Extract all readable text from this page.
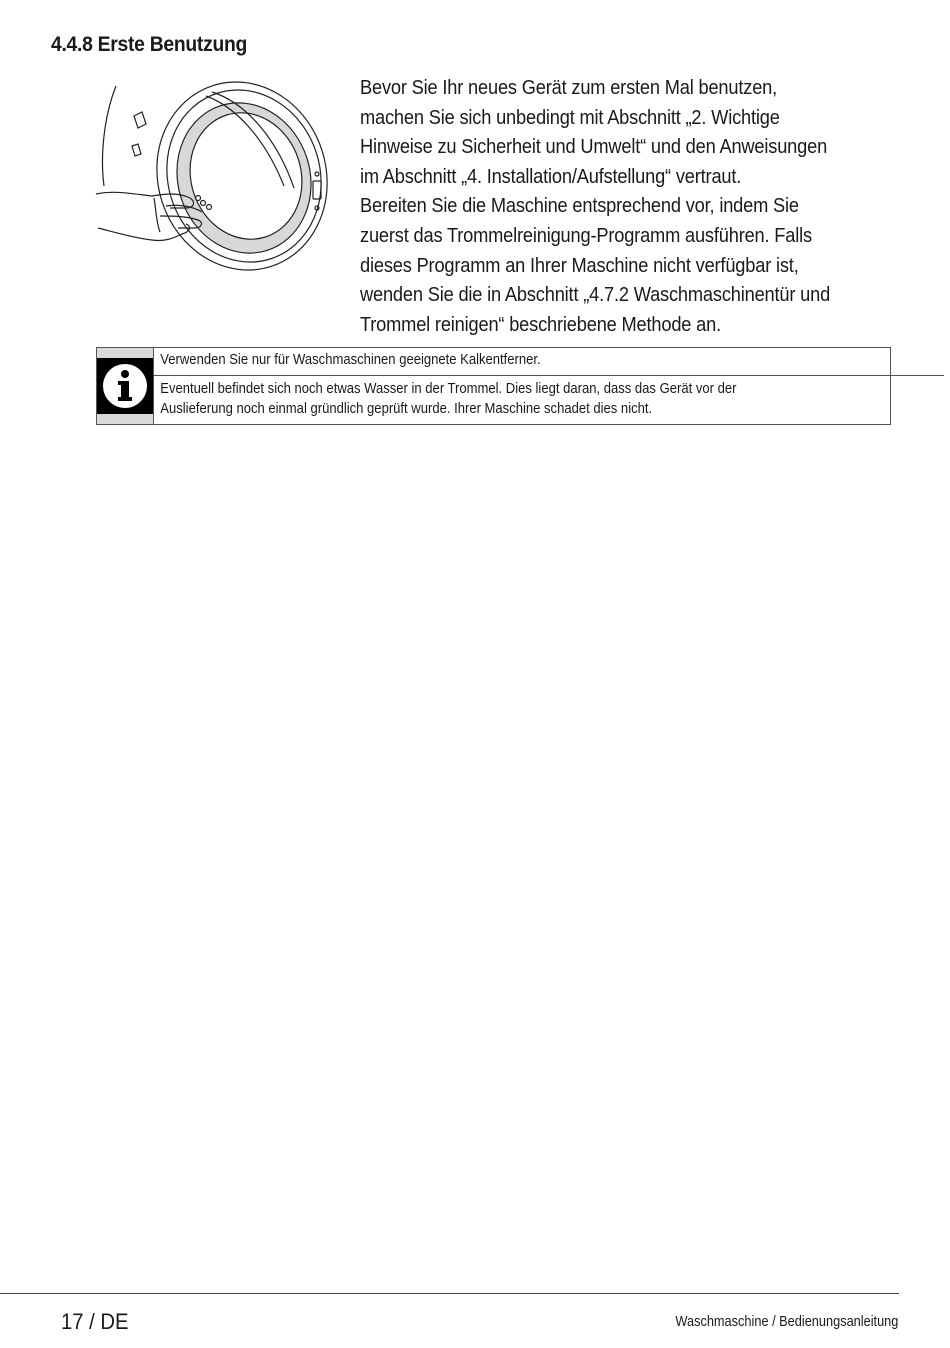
4.4.8 Erste Benutzung

Bevor Sie Ihr neues Gerät zum ersten Mal benutzen,
machen Sie sich unbedingt mit Abschnitt „2. Wichtige
Hinweise zu Sicherheit und Umwelt“ und den Anweisungen
im Abschnitt „4. Installation/Aufstellung“ vertraut.

Bereiten Sie die Maschine entsprechend vor, indem Sie
zuerst das Trommelreinigung-Programm ausführen. Falls
dieses Programm an Ihrer Maschine nicht verfügbar ist,
wenden Sie die in Abschnitt „4.7.2 Waschmaschinentür und
Trommel reinigen“ beschriebene Methode an.

Verwenden Sie nur für Waschmaschinen geeignete Kalkentferner.
Eventuell befindet sich noch etwas Wasser in der Trommel. Dies liegt daran, dass das Gerät vor der
Auslieferung noch einmal gründlich geprüft wurde. Ihrer Maschine schadet dies nicht.
17 / DE	Waschmaschine / Bedienungsanleitung
